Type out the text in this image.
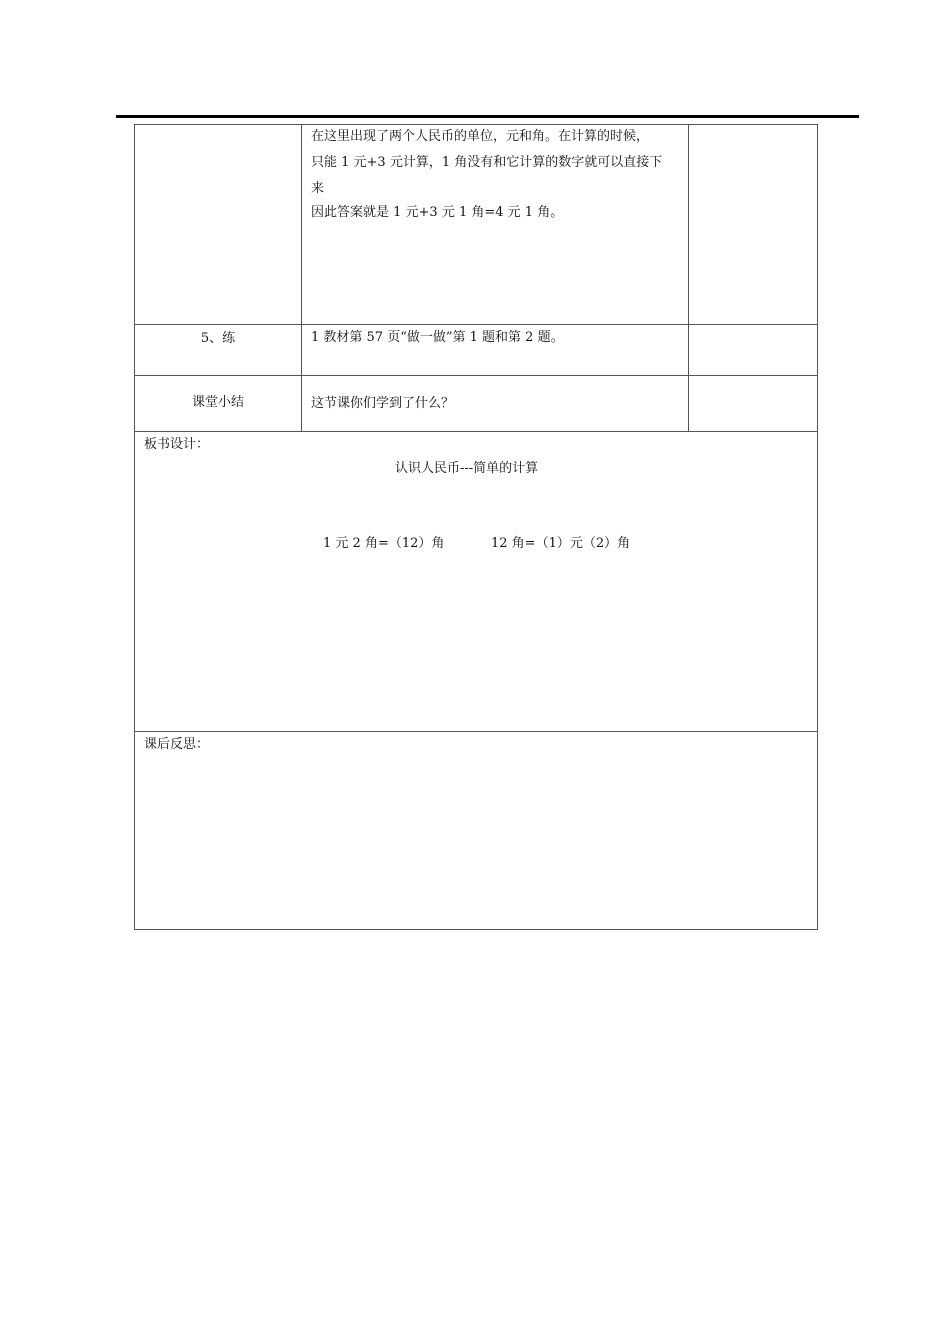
在这里出现了两个人民币的单位，元和角。在计算的时候，
只能 1 元+3 元计算，1 角没有和它计算的数字就可以直接下
来
因此答案就是 1 元+3 元 1 角=4 元 1 角。
5、练	1 教材第 57 页“做一做”第 1 题和第 2 题。
课堂小结	这节课你们学到了什么？
板书设计：
认识人民币---简单的计算
1 元 2 角=（12）角	12 角=（1）元（2）角
课后反思：
